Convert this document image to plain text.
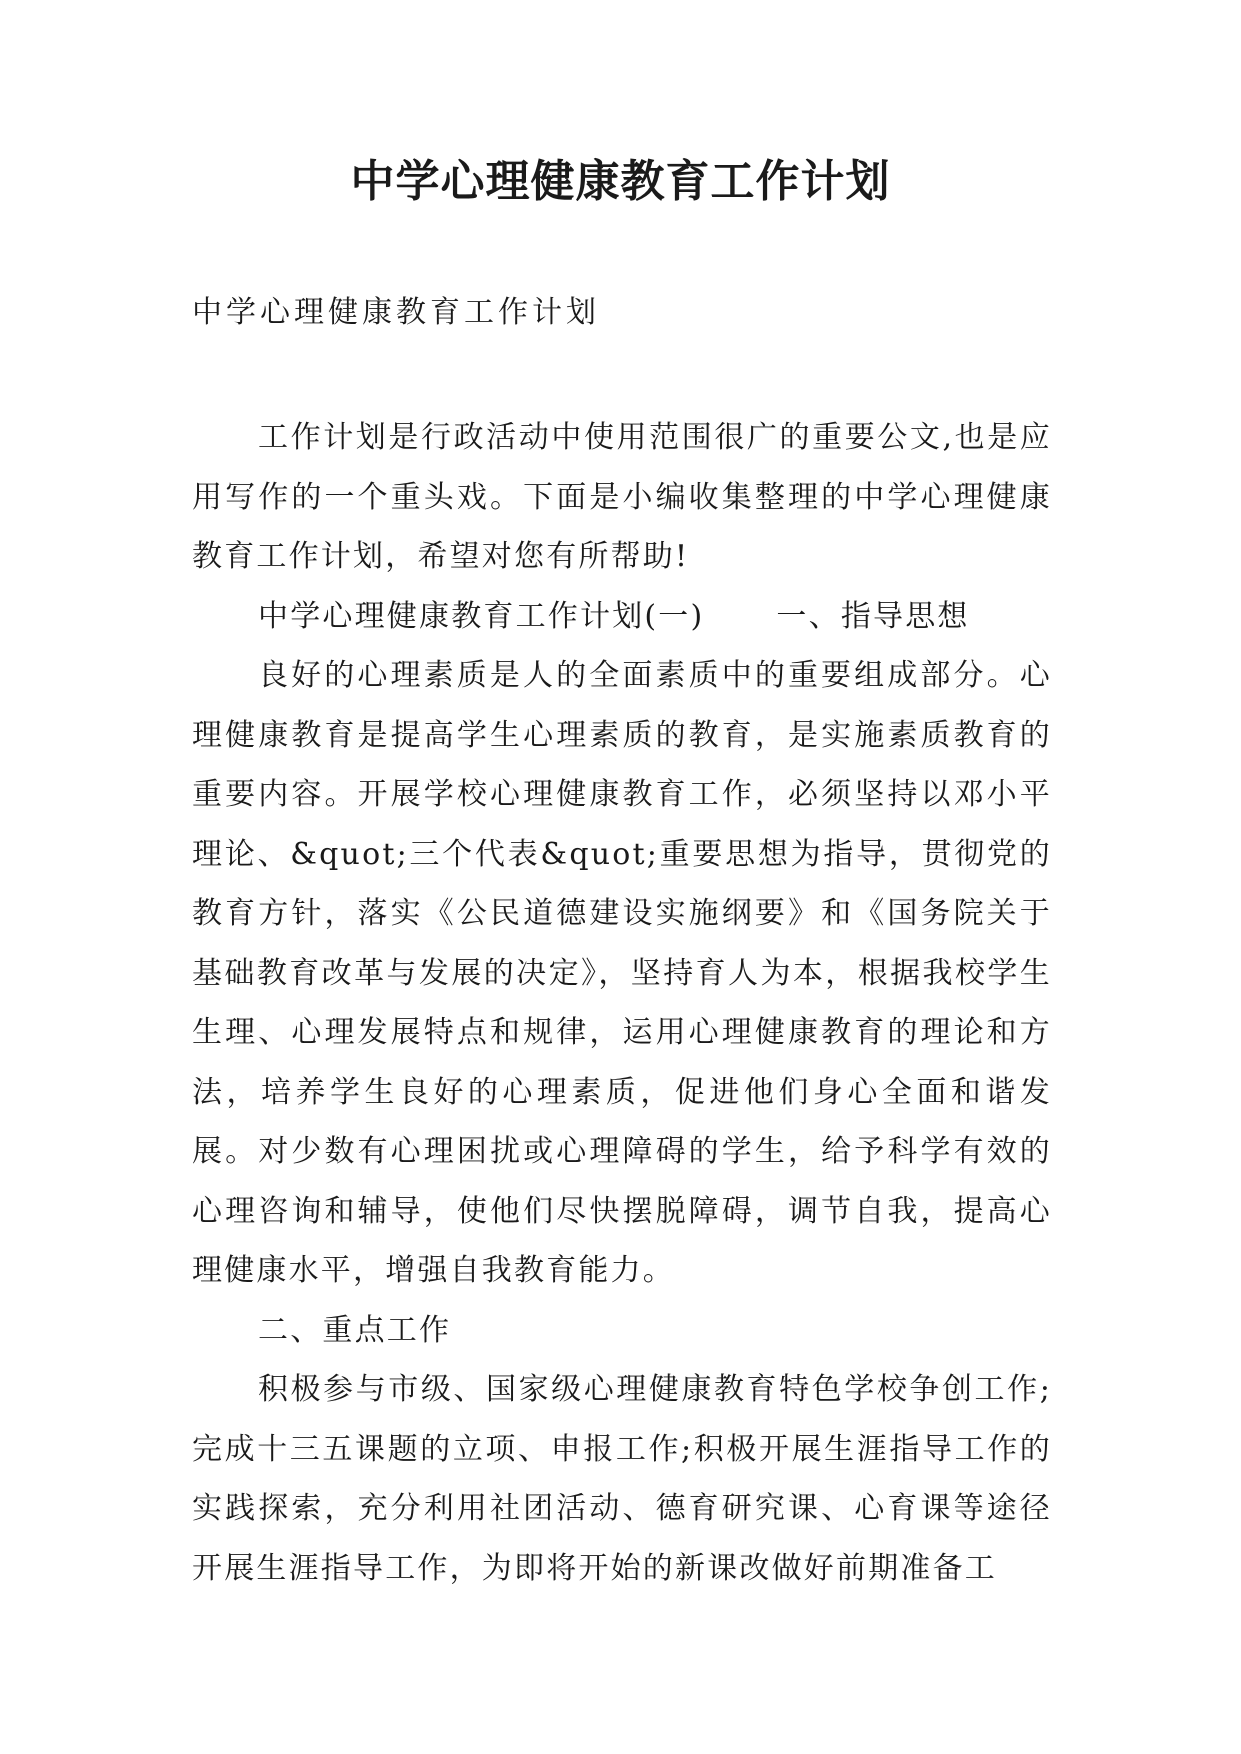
中学心理健康教育工作计划

中学心理健康教育工作计划

工作计划是行政活动中使用范围很广的重要公文,也是应用写作的一个重头戏。下面是小编收集整理的中学心理健康教育工作计划，希望对您有所帮助!

中学心理健康教育工作计划(一) 一、指导思想

良好的心理素质是人的全面素质中的重要组成部分。心理健康教育是提高学生心理素质的教育，是实施素质教育的重要内容。开展学校心理健康教育工作，必须坚持以邓小平理论、&quot;三个代表&quot;重要思想为指导，贯彻党的教育方针，落实《公民道德建设实施纲要》和《国务院关于基础教育改革与发展的决定》，坚持育人为本，根据我校学生生理、心理发展特点和规律，运用心理健康教育的理论和方法，培养学生良好的心理素质，促进他们身心全面和谐发展。对少数有心理困扰或心理障碍的学生，给予科学有效的心理咨询和辅导，使他们尽快摆脱障碍，调节自我，提高心理健康水平，增强自我教育能力。

二、重点工作

积极参与市级、国家级心理健康教育特色学校争创工作;完成十三五课题的立项、申报工作;积极开展生涯指导工作的实践探索，充分利用社团活动、德育研究课、心育课等途径开展生涯指导工作，为即将开始的新课改做好前期准备工
